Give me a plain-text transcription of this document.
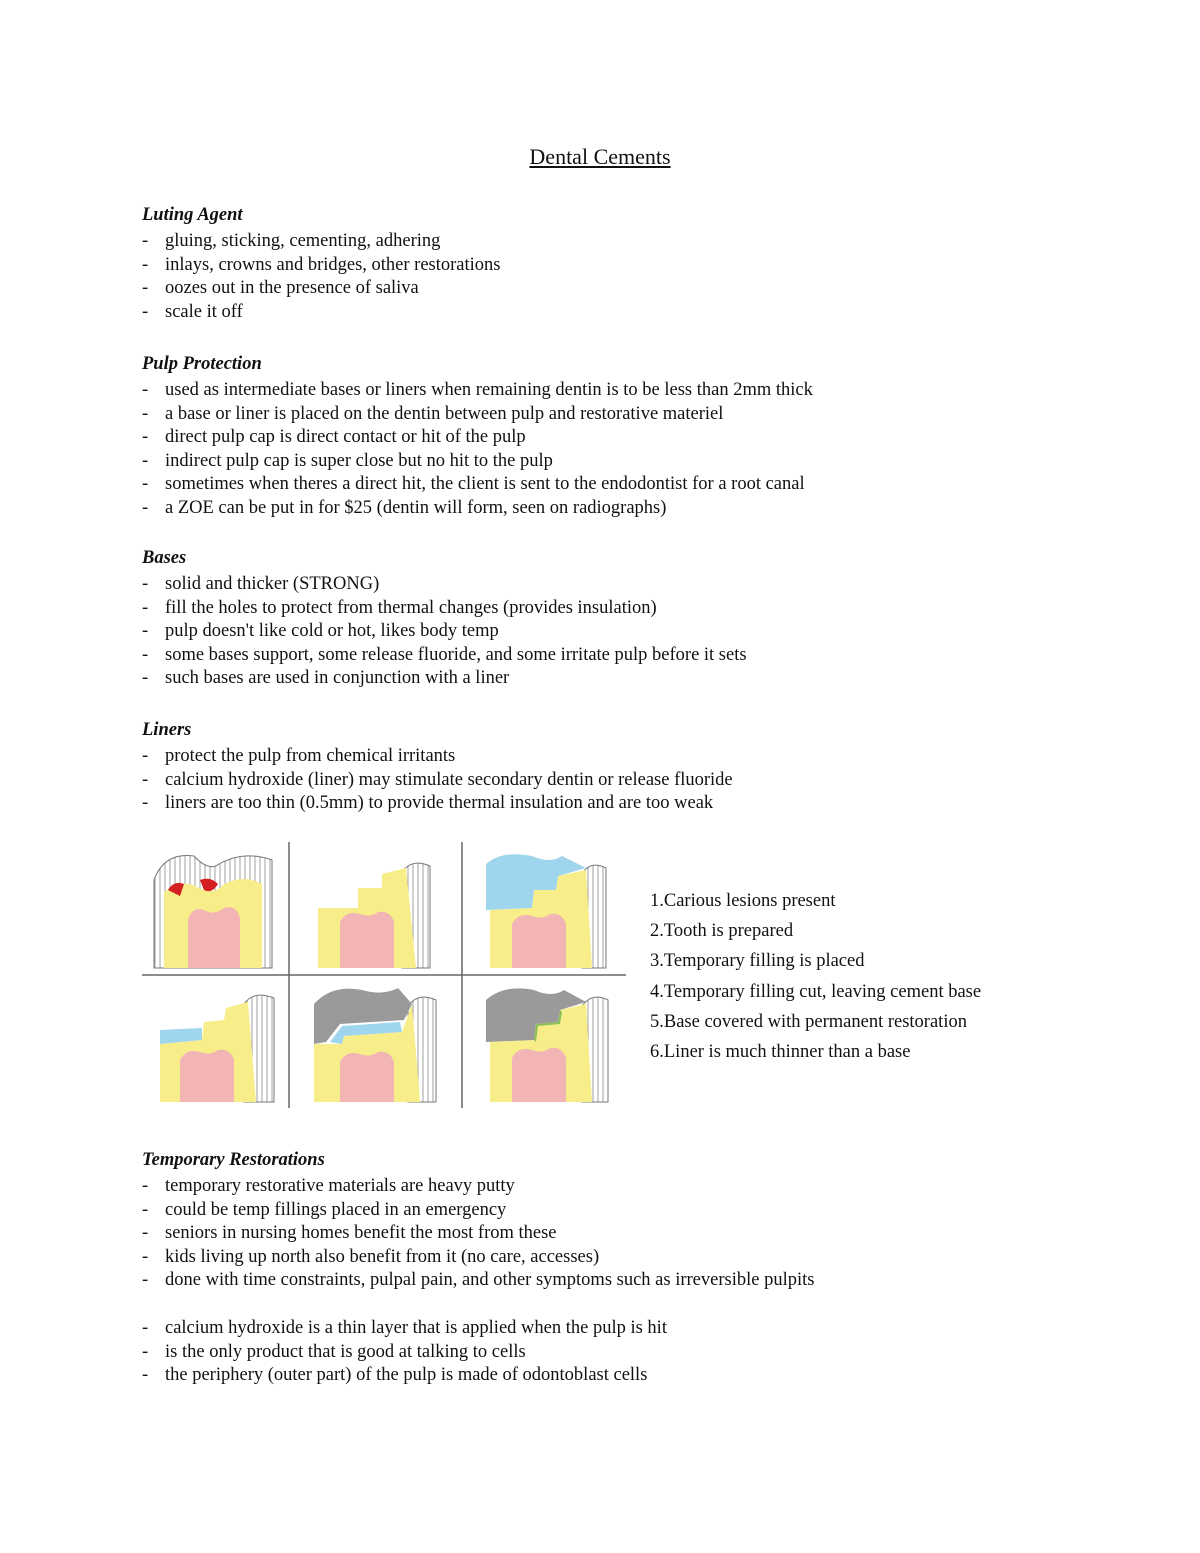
Dental Cements
Luting Agent
- gluing, sticking, cementing, adhering
- inlays, crowns and bridges, other restorations
- oozes out in the presence of saliva
- scale it off
Pulp Protection
- used as intermediate bases or liners when remaining dentin is to be less than 2mm thick
- a base or liner is placed on the dentin between pulp and restorative materiel
- direct pulp cap is direct contact or hit of the pulp
- indirect pulp cap is super close but no hit to the pulp
- sometimes when theres a direct hit, the client is sent to the endodontist for a root canal
- a ZOE can be put in for $25 (dentin will form, seen on radiographs)
Bases
- solid and thicker (STRONG)
- fill the holes to protect from thermal changes (provides insulation)
- pulp doesn't like cold or hot, likes body temp
- some bases support, some release fluoride, and some irritate pulp before it sets
- such bases are used in conjunction with a liner
Liners
- protect the pulp from chemical irritants
- calcium hydroxide (liner) may stimulate secondary dentin or release fluoride
- liners are too thin (0.5mm) to provide thermal insulation and are too weak
1.Carious lesions present
2.Tooth is prepared
3.Temporary filling is placed
4.Temporary filling cut, leaving cement base
5.Base covered with permanent restoration
6.Liner is much thinner than a base
Temporary Restorations
- temporary restorative materials are heavy putty
- could be temp fillings placed in an emergency
- seniors in nursing homes benefit the most from these
- kids living up north also benefit from it (no care, accesses)
- done with time constraints, pulpal pain, and other symptoms such as irreversible pulpits
- calcium hydroxide is a thin layer that is applied when the pulp is hit
- is the only product that is good at talking to cells
- the periphery (outer part) of the pulp is made of odontoblast cells
